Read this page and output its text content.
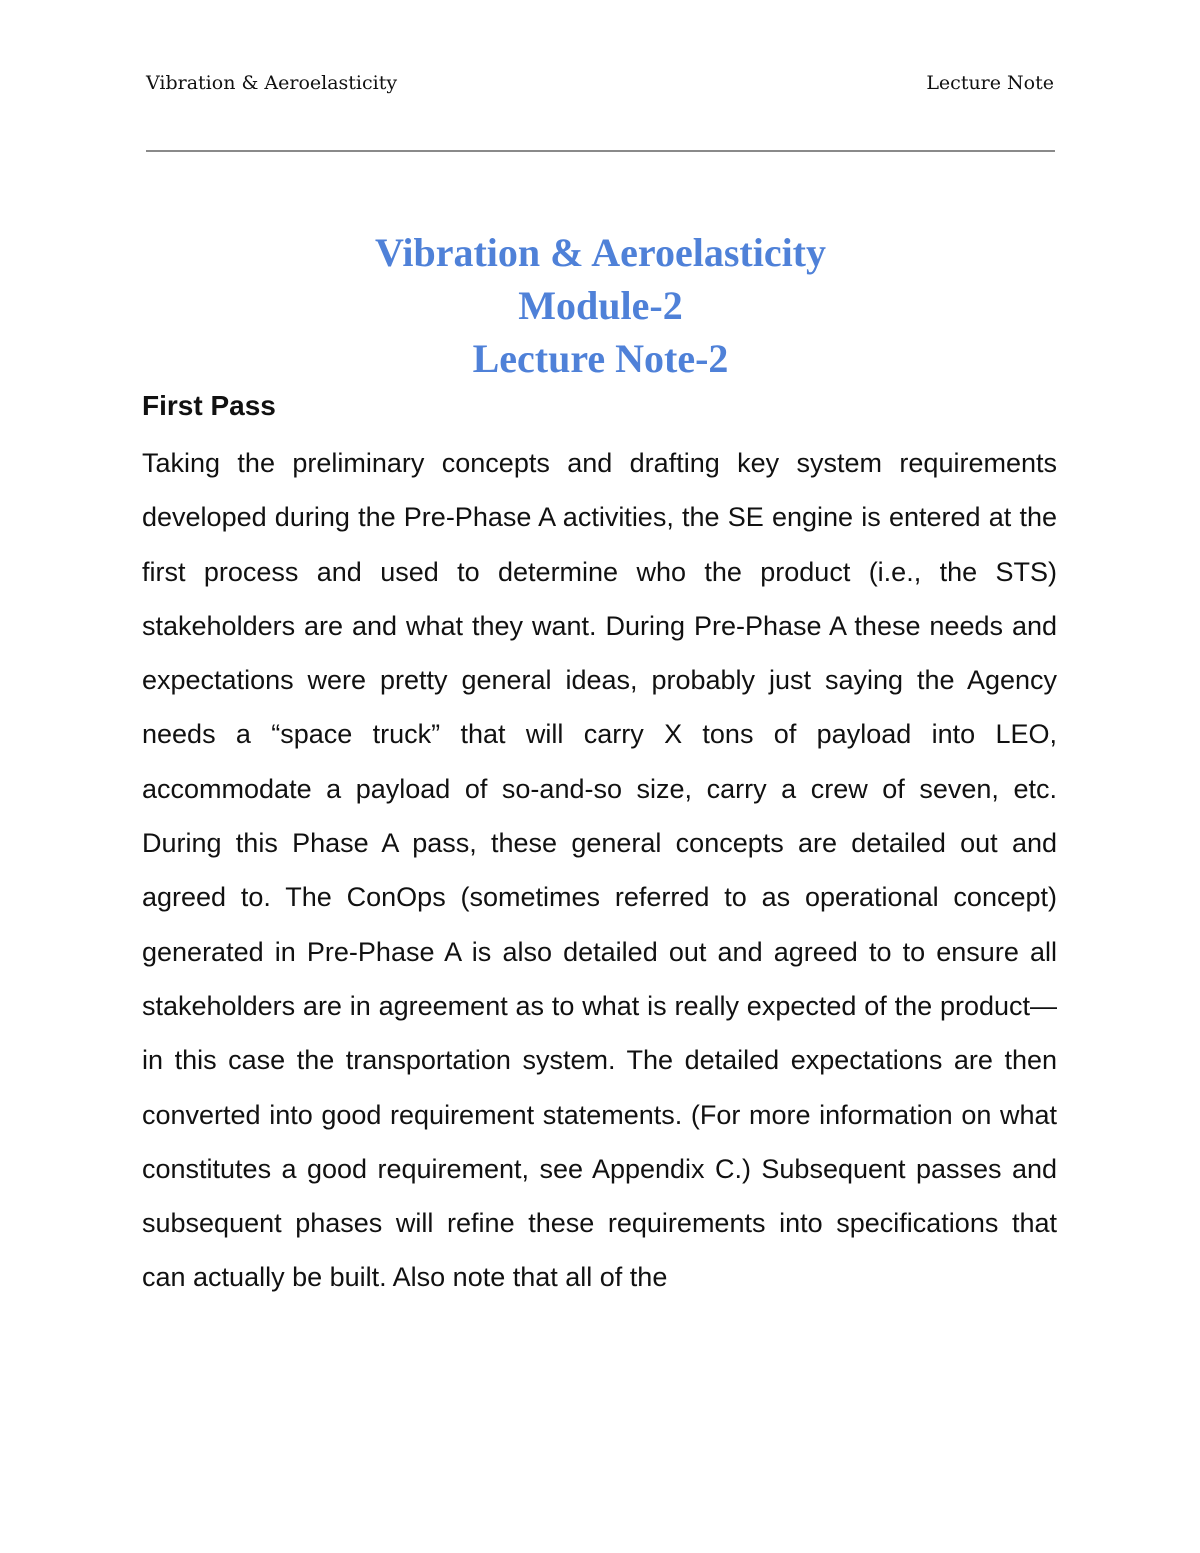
Vibration & Aeroelasticity	Lecture Note
Vibration & Aeroelasticity
Module-2
Lecture Note-2
First Pass

Taking the preliminary concepts and drafting key system requirements developed during the Pre-Phase A activities, the SE engine is entered at the first process and used to determine who the product (i.e., the STS) stakeholders are and what they want. During Pre-Phase A these needs and expectations were pretty general ideas, probably just saying the Agency needs a “space truck” that will carry X tons of payload into LEO, accommodate a payload of so-and-so size, carry a crew of seven, etc. During this Phase A pass, these general concepts are detailed out and agreed to. The ConOps (sometimes referred to as operational concept) generated in Pre-Phase A is also detailed out and agreed to to ensure all stakeholders are in agreement as to what is really expected of the product—in this case the transportation system. The detailed expectations are then converted into good requirement statements. (For more information on what constitutes a good requirement, see Appendix C.) Subsequent passes and subsequent phases will refine these requirements into specifications that can actually be built. Also note that all of the
